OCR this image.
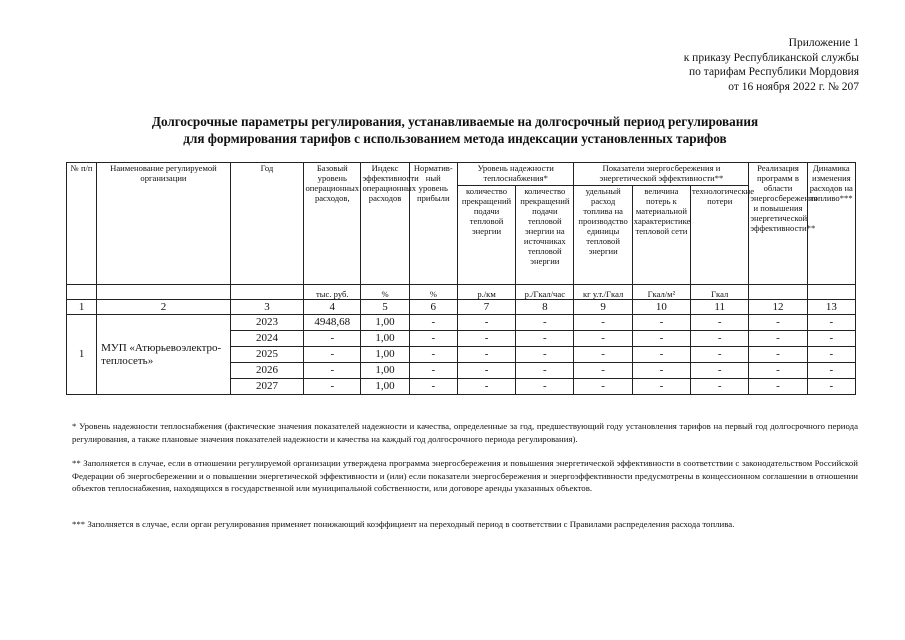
Приложение 1
к приказу Республиканской службы
по тарифам Республики Мордовия
от 16 ноября 2022 г. № 207
Долгосрочные параметры регулирования, устанавливаемые на долгосрочный период регулирования
для формирования тарифов с использованием метода индексации установленных тарифов
№ п/п	Наименование регулируемой организации	Год	Базовый уровень операционных расходов,	Индекс эффективности операционных расходов	Нормативный уровень прибыли	Уровень надежности теплоснабжения*		Показатели энергосбережения и энергетической эффективности**			Реализация программ в области энергосбережения и повышения энергетической эффективности**	Динамика изменения расходов на топливо***
						количество прекращений подачи тепловой энергии	количество прекращений подачи тепловой энергии на источниках тепловой энергии	удельный расход топлива на производство единицы тепловой энергии	величина потерь к материальной характеристике тепловой сети	технологические потери		
			тыс. руб.	%	%	р./км	р./Гкал/час	кг у.т./Гкал	Гкал/м²	Гкал		
1	2	3	4	5	6	7	8	9	10	11	12	13
1	МУП «Атюрьевоэлектро-теплосеть»	2023	4948,68	1,00	-	-	-	-	-	-	-	-
		2024	-	1,00	-	-	-	-	-	-	-	-
		2025	-	1,00	-	-	-	-	-	-	-	-
		2026	-	1,00	-	-	-	-	-	-	-	-
		2027	-	1,00	-	-	-	-	-	-	-	-
* Уровень надежности теплоснабжения (фактические значения показателей надежности и качества, определенные за год, предшествующий году установления тарифов на первый год долгосрочного периода регулирования, а также плановые значения показателей надежности и качества на каждый год долгосрочного периода регулирования).
** Заполняется в случае, если в отношении регулируемой организации утверждена программа энергосбережения и повышения энергетической эффективности в соответствии с законодательством Российской Федерации об энергосбережении и о повышении энергетической эффективности и (или) если показатели энергосбережения и энергоэффективности предусмотрены в концессионном соглашении в отношении объектов теплоснабжения, находящихся в государственной или муниципальной собственности, или договоре аренды указанных объектов.
*** Заполняется в случае, если орган регулирования применяет понижающий коэффициент на переходный период в соответствии с Правилами распределения расхода топлива.
